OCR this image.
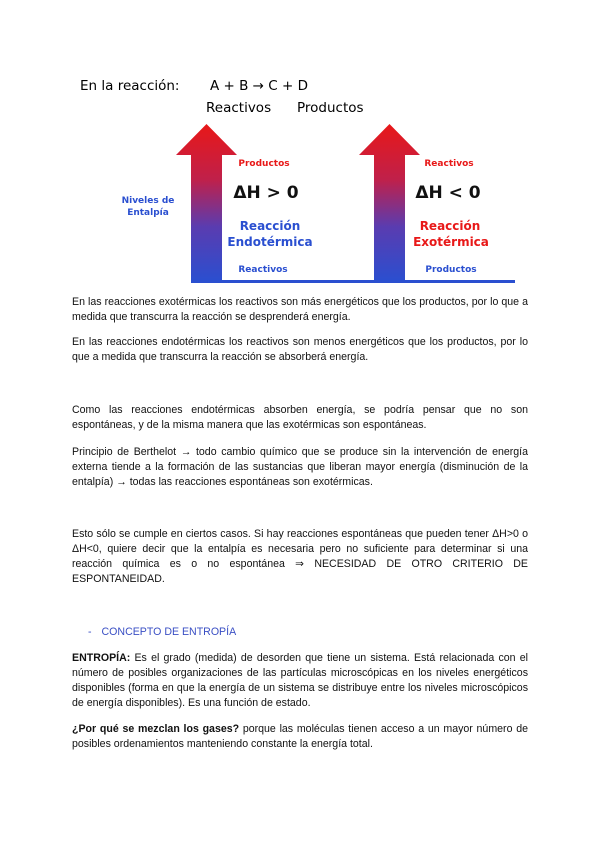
En la reacción: A + B → C + D
Reactivos Productos
Niveles de
Entalpía
Productos
ΔH > 0
Reacción
Endotérmica
Reactivos
Reactivos
ΔH < 0
Reacción
Exotérmica
Productos

En las reacciones exotérmicas los reactivos son más energéticos que los productos, por lo que a medida que transcurra la reacción se desprenderá energía.

En las reacciones endotérmicas los reactivos son menos energéticos que los productos, por lo que a medida que transcurra la reacción se absorberá energía.

Como las reacciones endotérmicas absorben energía, se podría pensar que no son espontáneas, y de la misma manera que las exotérmicas son espontáneas.

Principio de Berthelot → todo cambio químico que se produce sin la intervención de energía externa tiende a la formación de las sustancias que liberan mayor energía (disminución de la entalpía) → todas las reacciones espontáneas son exotérmicas.

Esto sólo se cumple en ciertos casos. Si hay reacciones espontáneas que pueden tener ΔH>0 o ΔH<0, quiere decir que la entalpía es necesaria pero no suficiente para determinar si una reacción química es o no espontánea ⇒ NECESIDAD DE OTRO CRITERIO DE ESPONTANEIDAD.

- CONCEPTO DE ENTROPÍA

ENTROPÍA: Es el grado (medida) de desorden que tiene un sistema. Está relacionada con el número de posibles organizaciones de las partículas microscópicas en los niveles energéticos disponibles (forma en que la energía de un sistema se distribuye entre los niveles microscópicos de energía disponibles). Es una función de estado.

¿Por qué se mezclan los gases? porque las moléculas tienen acceso a un mayor número de posibles ordenamientos manteniendo constante la energía total.
